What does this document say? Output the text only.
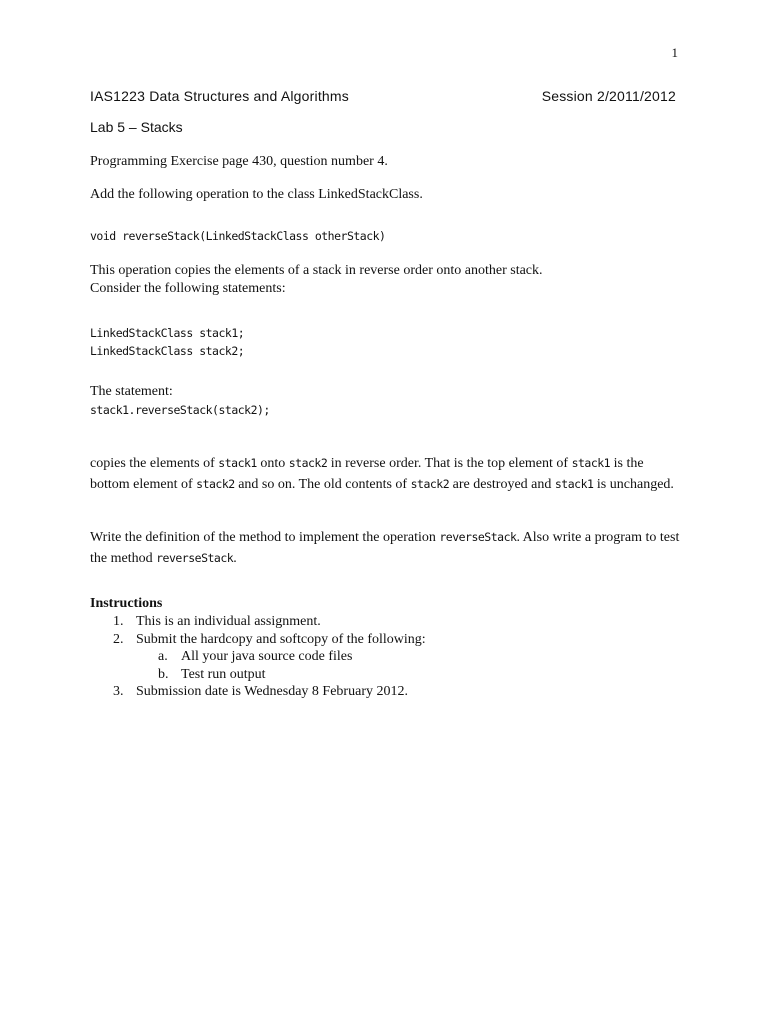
1
IAS1223 Data Structures and Algorithms	Session 2/2011/2012
Lab 5 – Stacks
Programming Exercise page 430, question number 4.
Add the following operation to the class LinkedStackClass.
void reverseStack(LinkedStackClass otherStack)
This operation copies the elements of a stack in reverse order onto another stack.
Consider the following statements:
LinkedStackClass stack1;
LinkedStackClass stack2;
The statement:
stack1.reverseStack(stack2);
copies the elements of stack1 onto stack2 in reverse order. That is the top element of stack1 is the bottom element of stack2 and so on. The old contents of stack2 are destroyed and stack1 is unchanged.
Write the definition of the method to implement the operation reverseStack. Also write a program to test the method reverseStack.
Instructions
1. This is an individual assignment.
2. Submit the hardcopy and softcopy of the following:
a. All your java source code files
b. Test run output
3. Submission date is Wednesday 8 February 2012.
